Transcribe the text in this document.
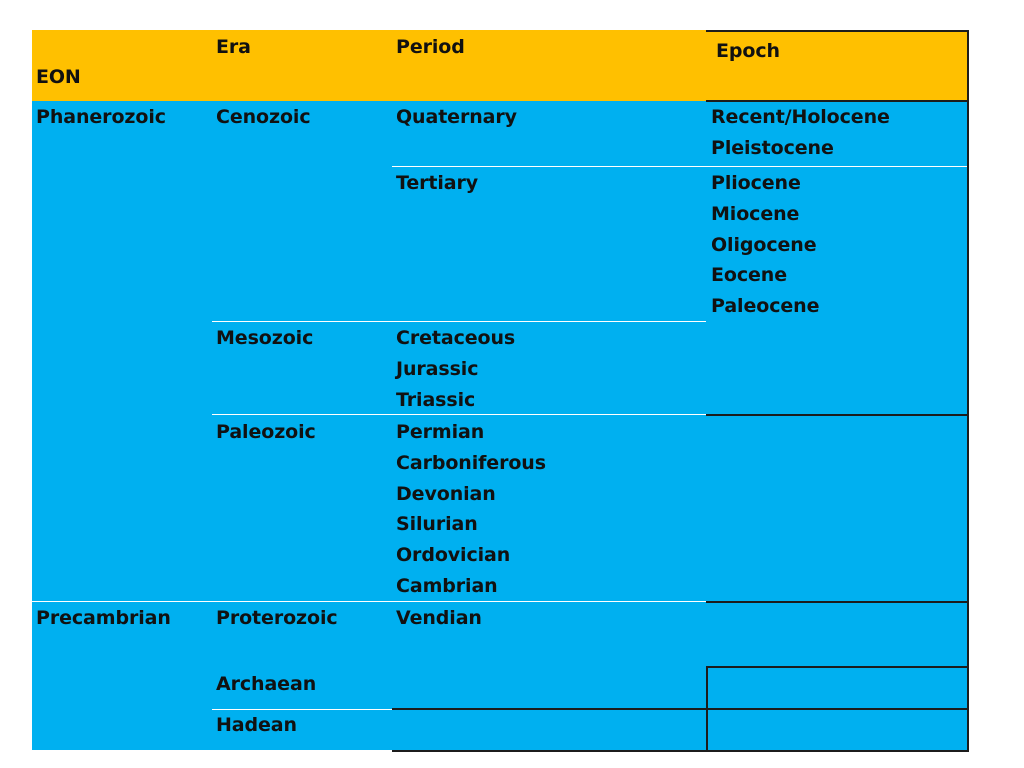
EON
Era	Period	Epoch
Phanerozoic
Precambrian
Cenozoic
Mesozoic
Paleozoic
Proterozoic
Archaean
Hadean
Quaternary
Tertiary
Cretaceous
Jurassic
Triassic
Permian
Carboniferous
Devonian
Silurian
Ordovician
Cambrian
Vendian
Recent/Holocene
Pleistocene
Pliocene
Miocene
Oligocene
Eocene
Paleocene
